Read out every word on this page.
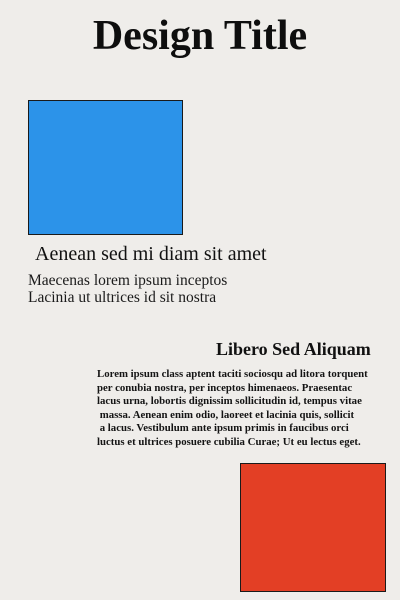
Design Title
Aenean sed mi diam sit amet
Maecenas lorem ipsum inceptos
Lacinia ut ultrices id sit nostra
Libero Sed Aliquam
Lorem ipsum class aptent taciti sociosqu ad litora torquent
per conubia nostra, per inceptos himenaeos. Praesentac
lacus urna, lobortis dignissim sollicitudin id, tempus vitae
massa. Aenean enim odio, laoreet et lacinia quis, sollicit
a lacus. Vestibulum ante ipsum primis in faucibus orci
luctus et ultrices posuere cubilia Curae; Ut eu lectus eget.
